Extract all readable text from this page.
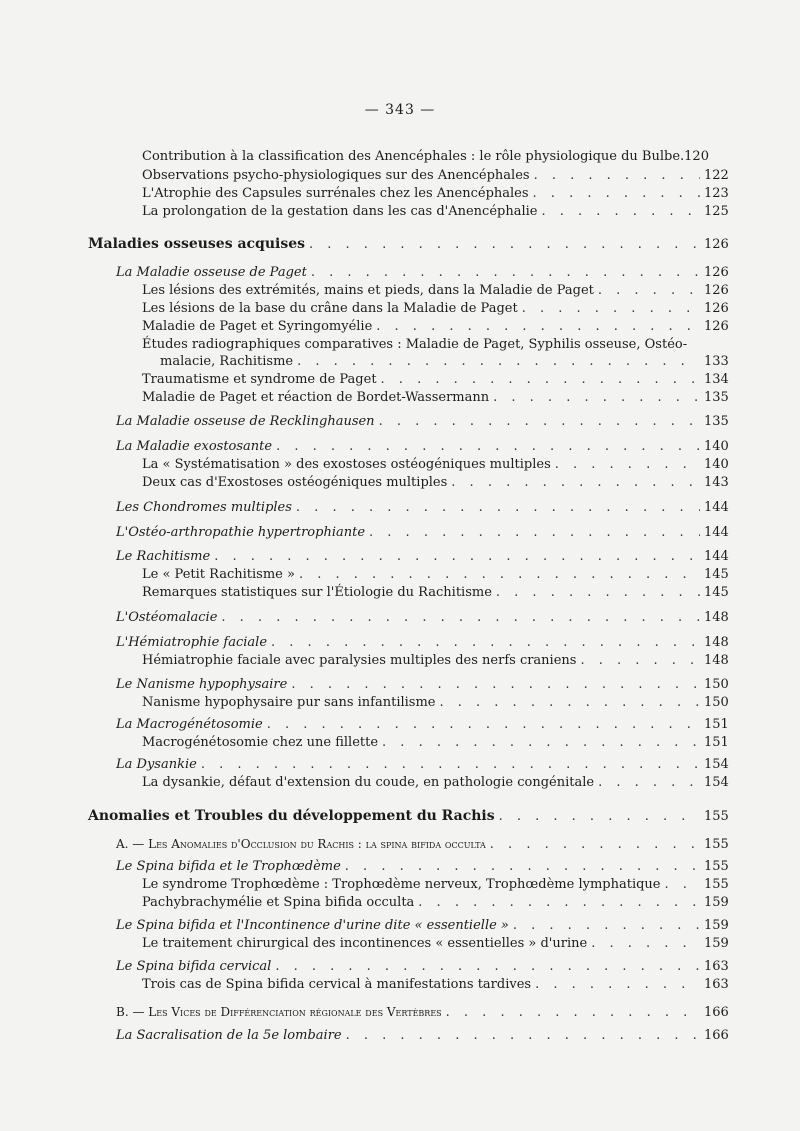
— 343 —
Contribution à la classification des Anencéphales : le rôle physiologique du Bulbe. 120
Observations psycho-physiologiques sur des Anencéphales . . .	122
L'Atrophie des Capsules surrénales chez les Anencéphales . . .	123
La prolongation de la gestation dans les cas d'Anencéphalie . . .	125
Maladies osseuses acquises . . .	126
La Maladie osseuse de Paget . . .	126
Les lésions des extrémités, mains et pieds, dans la Maladie de Paget . . .	126
Les lésions de la base du crâne dans la Maladie de Paget . . .	126
Maladie de Paget et Syringomyélie . . .	126
Études radiographiques comparatives : Maladie de Paget, Syphilis osseuse, Ostéo-
malacie, Rachitisme . . .	133
Traumatisme et syndrome de Paget . . .	134
Maladie de Paget et réaction de Bordet-Wassermann . . .	135
La Maladie osseuse de Recklinghausen . . .	135
La Maladie exostosante . . .	140
La « Systématisation » des exostoses ostéogéniques multiples . . .	140
Deux cas d'Exostoses ostéogéniques multiples . . .	143
Les Chondromes multiples . . .	144
L'Ostéo-arthropathie hypertrophiante . . .	144
Le Rachitisme . . .	144
Le « Petit Rachitisme » . . .	145
Remarques statistiques sur l'Étiologie du Rachitisme . . .	145
L'Ostéomalacie . . .	148
L'Hémiatrophie faciale . . .	148
Hémiatrophie faciale avec paralysies multiples des nerfs craniens . . .	148
Le Nanisme hypophysaire . . .	150
Nanisme hypophysaire pur sans infantilisme . . .	150
La Macrogénétosomie . . .	151
Macrogénétosomie chez une fillette . . .	151
La Dysankie . . .	154
La dysankie, défaut d'extension du coude, en pathologie congénitale . . .	154
Anomalies et Troubles du développement du Rachis . . .	155
A. — Les Anomalies d'Occlusion du Rachis : la spina bifida occulta . . .	155
Le Spina bifida et le Trophœdème . . .	155
Le syndrome Trophœdème : Trophœdème nerveux, Trophœdème lymphatique . . .	155
Pachybrachymélie et Spina bifida occulta . . .	159
Le Spina bifida et l'Incontinence d'urine dite « essentielle » . . .	159
Le traitement chirurgical des incontinences « essentielles » d'urine . . .	159
Le Spina bifida cervical . . .	163
Trois cas de Spina bifida cervical à manifestations tardives . . .	163
B. — Les Vices de Différenciation régionale des Vertèbres . . .	166
La Sacralisation de la 5e lombaire . . .	166
